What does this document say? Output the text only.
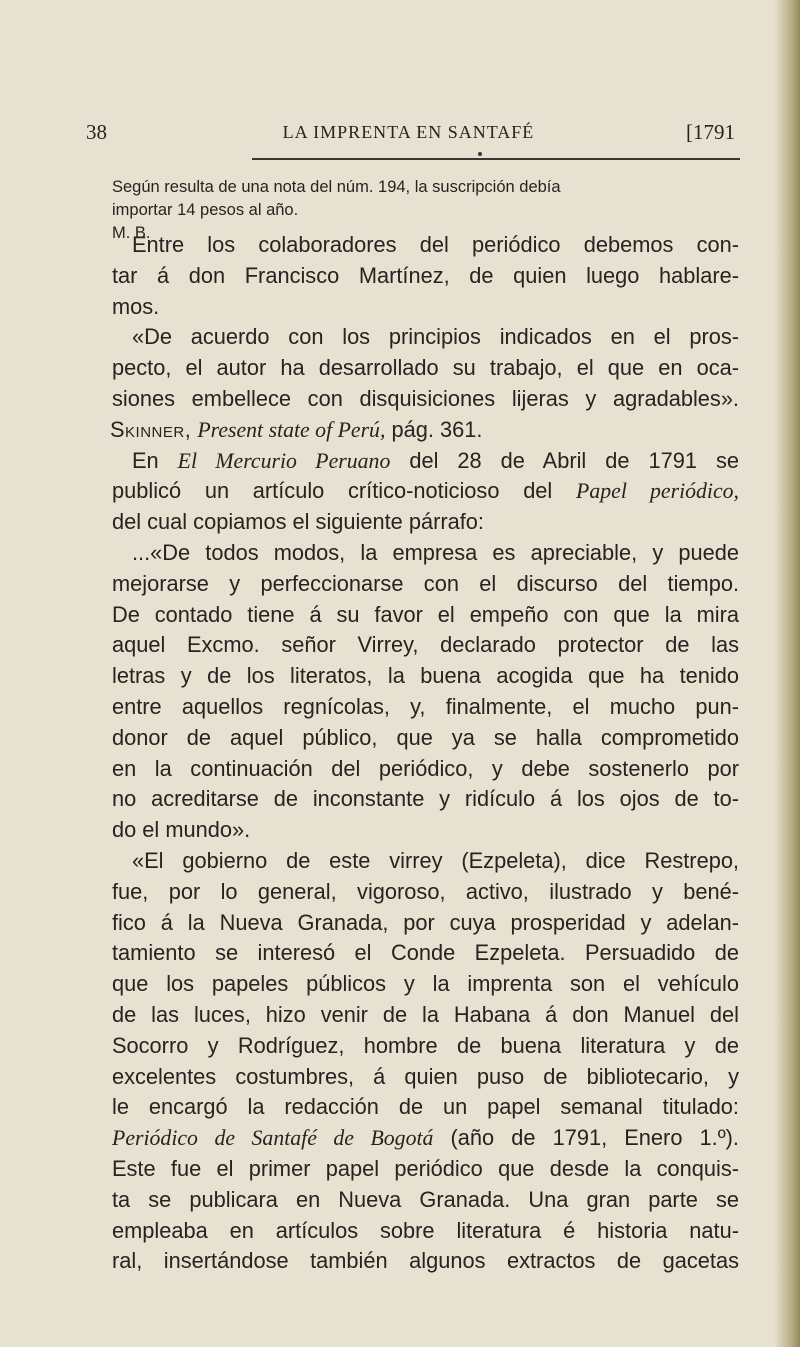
38	LA IMPRENTA EN SANTAFÉ	[1791
Según resulta de una nota del núm. 194, la suscripción debía
importar 14 pesos al año.
M. B.
Entre los colaboradores del periódico debemos con-
tar á don Francisco Martínez, de quien luego hablare-
mos.
«De acuerdo con los principios indicados en el pros-
pecto, el autor ha desarrollado su trabajo, el que en oca-
siones embellece con disquisiciones lijeras y agradables».
Skinner, Present state of Perú, pág. 361.
En El Mercurio Peruano del 28 de Abril de 1791 se
publicó un artículo crítico-noticioso del Papel periódico,
del cual copiamos el siguiente párrafo:
...«De todos modos, la empresa es apreciable, y puede
mejorarse y perfeccionarse con el discurso del tiempo.
De contado tiene á su favor el empeño con que la mira
aquel Excmo. señor Virrey, declarado protector de las
letras y de los literatos, la buena acogida que ha tenido
entre aquellos regnícolas, y, finalmente, el mucho pun-
donor de aquel público, que ya se halla comprometido
en la continuación del periódico, y debe sostenerlo por
no acreditarse de inconstante y ridículo á los ojos de to-
do el mundo».
«El gobierno de este virrey (Ezpeleta), dice Restrepo,
fue, por lo general, vigoroso, activo, ilustrado y bené-
fico á la Nueva Granada, por cuya prosperidad y adelan-
tamiento se interesó el Conde Ezpeleta. Persuadido de
que los papeles públicos y la imprenta son el vehículo
de las luces, hizo venir de la Habana á don Manuel del
Socorro y Rodríguez, hombre de buena literatura y de
excelentes costumbres, á quien puso de bibliotecario, y
le encargó la redacción de un papel semanal titulado:
Periódico de Santafé de Bogotá (año de 1791, Enero 1.º).
Este fue el primer papel periódico que desde la conquis-
ta se publicara en Nueva Granada. Una gran parte se
empleaba en artículos sobre literatura é historia natu-
ral, insertándose también algunos extractos de gacetas
